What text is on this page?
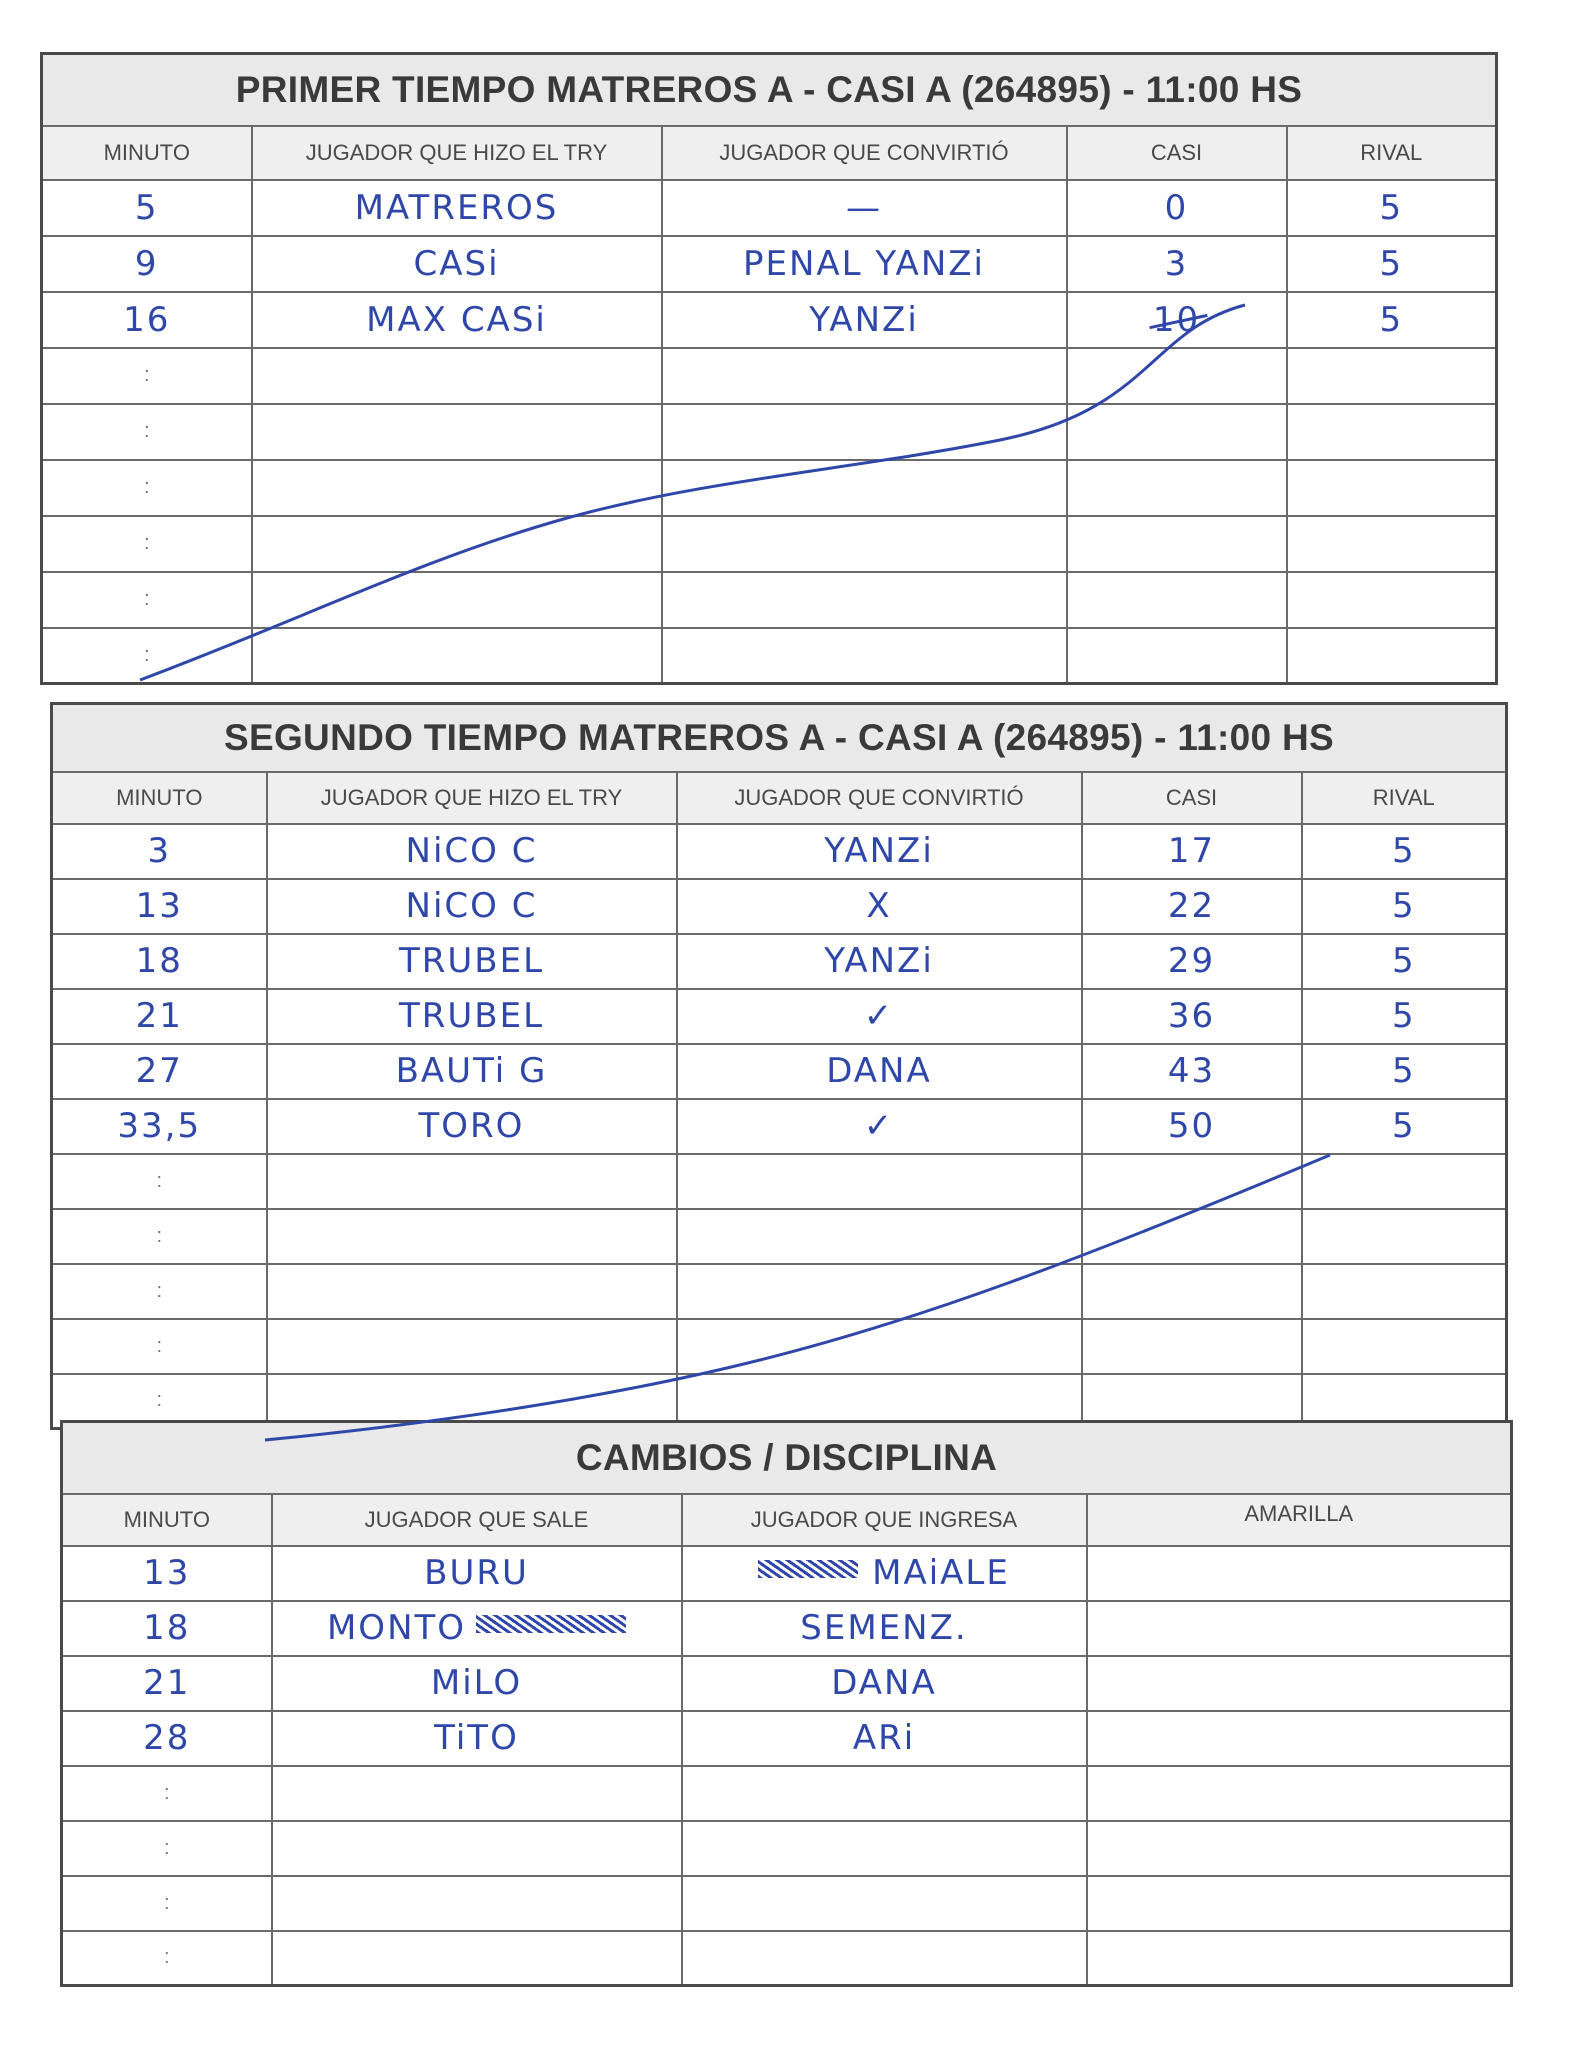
PRIMER TIEMPO MATREROS A - CASI A (264895) - 11:00 HS				
MINUTO	JUGADOR QUE HIZO EL TRY	JUGADOR QUE CONVIRTIÓ	CASI	RIVAL
5	MATREROS	—	0	5
9	CASi	PENAL YANZi	3	5
16	MAX CASi	YANZi	10	5
:				
:				
:				
:				
:				
:				
SEGUNDO TIEMPO MATREROS A - CASI A (264895) - 11:00 HS				
MINUTO	JUGADOR QUE HIZO EL TRY	JUGADOR QUE CONVIRTIÓ	CASI	RIVAL
3	NiCO C	YANZi	17	5
13	NiCO C	X	22	5
18	TRUBEL	YANZi	29	5
21	TRUBEL	✓	36	5
27	BAUTi G	DANA	43	5
33,5	TORO	✓	50	5
:				
:				
:				
:				
:				
CAMBIOS / DISCIPLINA			
MINUTO	JUGADOR QUE SALE	JUGADOR QUE INGRESA	AMARILLA
13	BURU	MAiALE	
18	MONTO	SEMENZ.	
21	MiLO	DANA	
28	TiTO	ARi	
:			
:			
:			
:			
